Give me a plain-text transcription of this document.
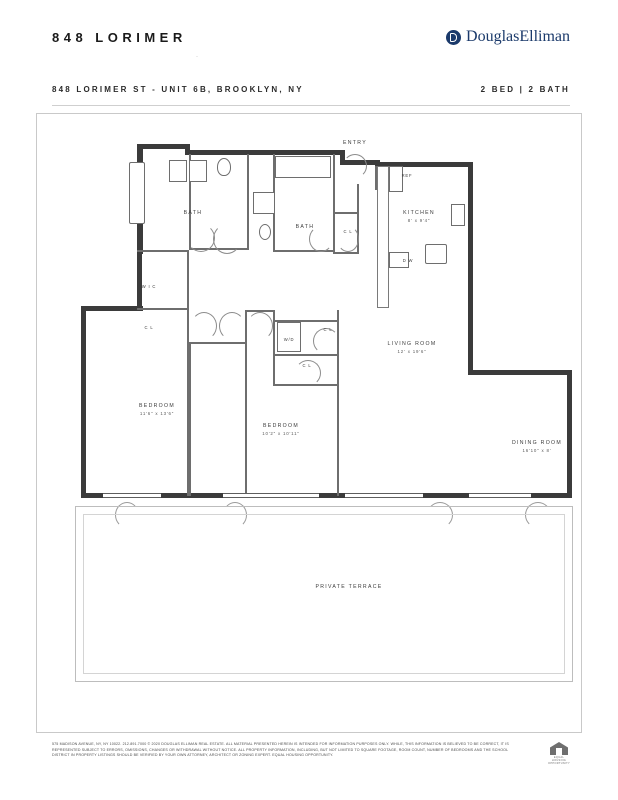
848 LORIMER	DouglasElliman
·
848 LORIMER ST - UNIT 6B, BROOKLYN, NY	2 BED | 2 BATH
ENTRY
BATH
BATH
KITCHEN
8' x 9'4"
W I C
C L
C L
C L
C L
W/D
REF
D W
LIVING ROOM
12' x 19'6"
BEDROOM
11'6" x 13'6"
BEDROOM
10'2" x 10'11"
DINING ROOM
16'10" x 8'
PRIVATE TERRACE
575 MADISON AVENUE, NY, NY 10022. 212.891.7000 © 2020 DOUGLAS ELLIMAN REAL ESTATE. ALL MATERIAL PRESENTED HEREIN IS INTENDED FOR INFORMATION PURPOSES ONLY. WHILE, THIS INFORMATION IS BELIEVED TO BE CORRECT, IT IS REPRESENTED SUBJECT TO ERRORS, OMISSIONS, CHANGES OR WITHDRAWAL WITHOUT NOTICE. ALL PROPERTY INFORMATION, INCLUDING, BUT NOT LIMITED TO SQUARE FOOTAGE, ROOM COUNT, NUMBER OF BEDROOMS AND THE SCHOOL DISTRICT IN PROPERTY LISTINGS SHOULD BE VERIFIED BY YOUR OWN ATTORNEY, ARCHITECT OR ZONING EXPERT. EQUAL HOUSING OPPORTUNITY.
EQUAL HOUSING OPPORTUNITY
